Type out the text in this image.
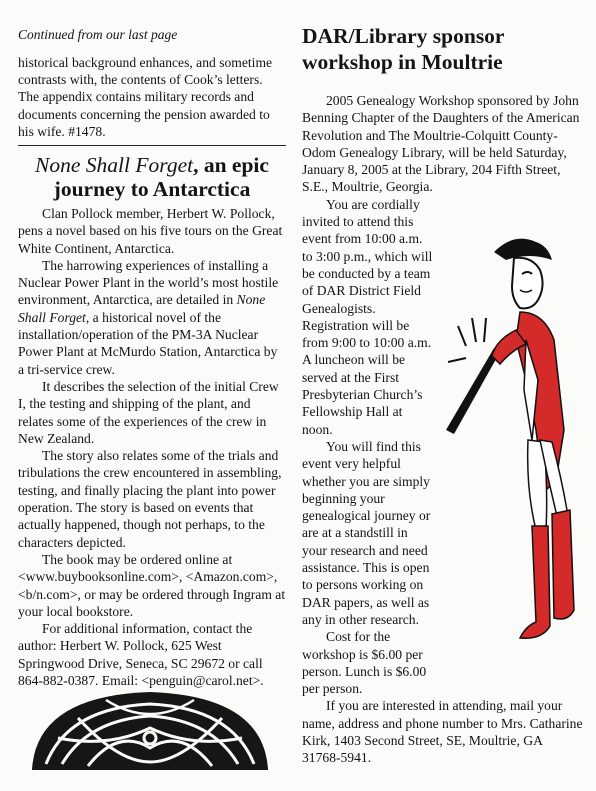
Continued from our last page
historical background enhances, and sometime contrasts with, the contents of Cook’s letters. The appendix contains military records and documents concerning the pension awarded to his wife. #1478.
None Shall Forget, an epic journey to Antarctica

Clan Pollock member, Herbert W. Pollock, pens a novel based on his five tours on the Great White Continent, Antarctica.

The harrowing experiences of installing a Nuclear Power Plant in the world’s most hostile environment, Antarctica, are detailed in None Shall Forget, a historical novel of the installation/operation of the PM-3A Nuclear Power Plant at McMurdo Station, Antarctica by a tri-service crew.

It describes the selection of the initial Crew I, the testing and shipping of the plant, and relates some of the experiences of the crew in New Zealand.

The story also relates some of the trials and tribulations the crew encountered in assembling, testing, and finally placing the plant into power operation. The story is based on events that actually happened, though not perhaps, to the characters depicted.

The book may be ordered online at <www.buybooksonline.com>, <Amazon.com>, <b/n.com>, or may be ordered through Ingram at your local bookstore.

For additional information, contact the author: Herbert W. Pollock, 625 West Springwood Drive, Seneca, SC 29672 or call 864-882-0387. Email: <penguin@carol.net>.

DAR/Library sponsor workshop in Moultrie

2005 Genealogy Workshop sponsored by John Benning Chapter of the Daughters of the American Revolution and The Moultrie-Colquitt County-Odom Genealogy Library, will be held Saturday, January 8, 2005 at the Library, 204 Fifth Street, S.E., Moultrie, Georgia.

You are cordially invited to attend this event from 10:00 a.m. to 3:00 p.m., which will be conducted by a team of DAR District Field Genealogists. Registration will be from 9:00 to 10:00 a.m. A luncheon will be served at the First Presbyterian Church’s Fellowship Hall at noon.

You will find this event very helpful whether you are simply beginning your genealogical journey or are at a standstill in your research and need assistance. This is open to persons working on DAR papers, as well as any in other research.

Cost for the workshop is $6.00 per person. Lunch is $6.00 per person.

If you are interested in attending, mail your name, address and phone number to Mrs. Catharine Kirk, 1403 Second Street, SE, Moultrie, GA 31768-5941.
